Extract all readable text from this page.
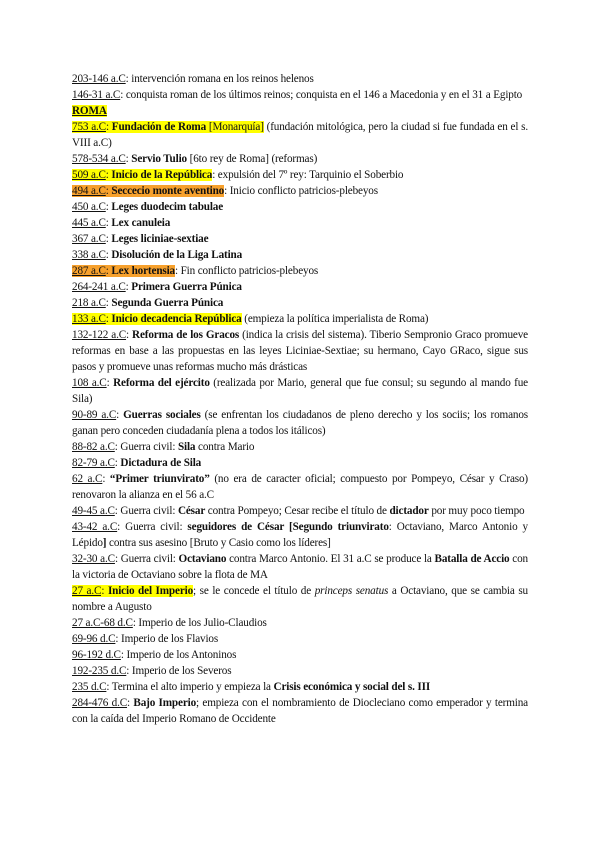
203-146 a.C: intervención romana en los reinos helenos
146-31 a.C: conquista roman de los últimos reinos; conquista en el 146 a Macedonia y en el 31 a Egipto
ROMA
753 a.C: Fundación de Roma [Monarquía] (fundación mitológica, pero la ciudad si fue fundada en el s. VIII a.C)
578-534 a.C: Servio Tulio [6to rey de Roma] (reformas)
509 a.C: Inicio de la República: expulsión del 7º rey: Tarquinio el Soberbio
494 a.C: Seccecio monte aventino: Inicio conflicto patricios-plebeyos
450 a.C: Leges duodecim tabulae
445 a.C: Lex canuleia
367 a.C: Leges liciniae-sextiae
338 a.C: Disolución de la Liga Latina
287 a.C: Lex hortensia: Fin conflicto patricios-plebeyos
264-241 a.C: Primera Guerra Púnica
218 a.C: Segunda Guerra Púnica
133 a.C: Inicio decadencia República (empieza la política imperialista de Roma)
132-122 a.C: Reforma de los Gracos (indica la crisis del sistema). Tiberio Sempronio Graco promueve reformas en base a las propuestas en las leyes Liciniae-Sextiae; su hermano, Cayo GRaco, sigue sus pasos y promueve unas reformas mucho más drásticas
108 a.C: Reforma del ejército (realizada por Mario, general que fue consul; su segundo al mando fue Sila)
90-89 a.C: Guerras sociales (se enfrentan los ciudadanos de pleno derecho y los sociis; los romanos ganan pero conceden ciudadanía plena a todos los itálicos)
88-82 a.C: Guerra civil: Sila contra Mario
82-79 a.C: Dictadura de Sila
62 a.C: “Primer triunvirato” (no era de caracter oficial; compuesto por Pompeyo, César y Craso) renovaron la alianza en el 56 a.C
49-45 a.C: Guerra civil: César contra Pompeyo; Cesar recibe el título de dictador por muy poco tiempo
43-42 a.C: Guerra civil: seguidores de César [Segundo triunvirato: Octaviano, Marco Antonio y Lépido] contra sus asesino [Bruto y Casio como los líderes]
32-30 a.C: Guerra civil: Octaviano contra Marco Antonio. El 31 a.C se produce la Batalla de Accio con la victoria de Octaviano sobre la flota de MA
27 a.C: Inicio del Imperio; se le concede el título de princeps senatus a Octaviano, que se cambia su nombre a Augusto
27 a.C-68 d.C: Imperio de los Julio-Claudios
69-96 d.C: Imperio de los Flavios
96-192 d.C: Imperio de los Antoninos
192-235 d.C: Imperio de los Severos
235 d.C: Termina el alto imperio y empieza la Crisis económica y social del s. III
284-476 d.C: Bajo Imperio; empieza con el nombramiento de Diocleciano como emperador y termina con la caída del Imperio Romano de Occidente
